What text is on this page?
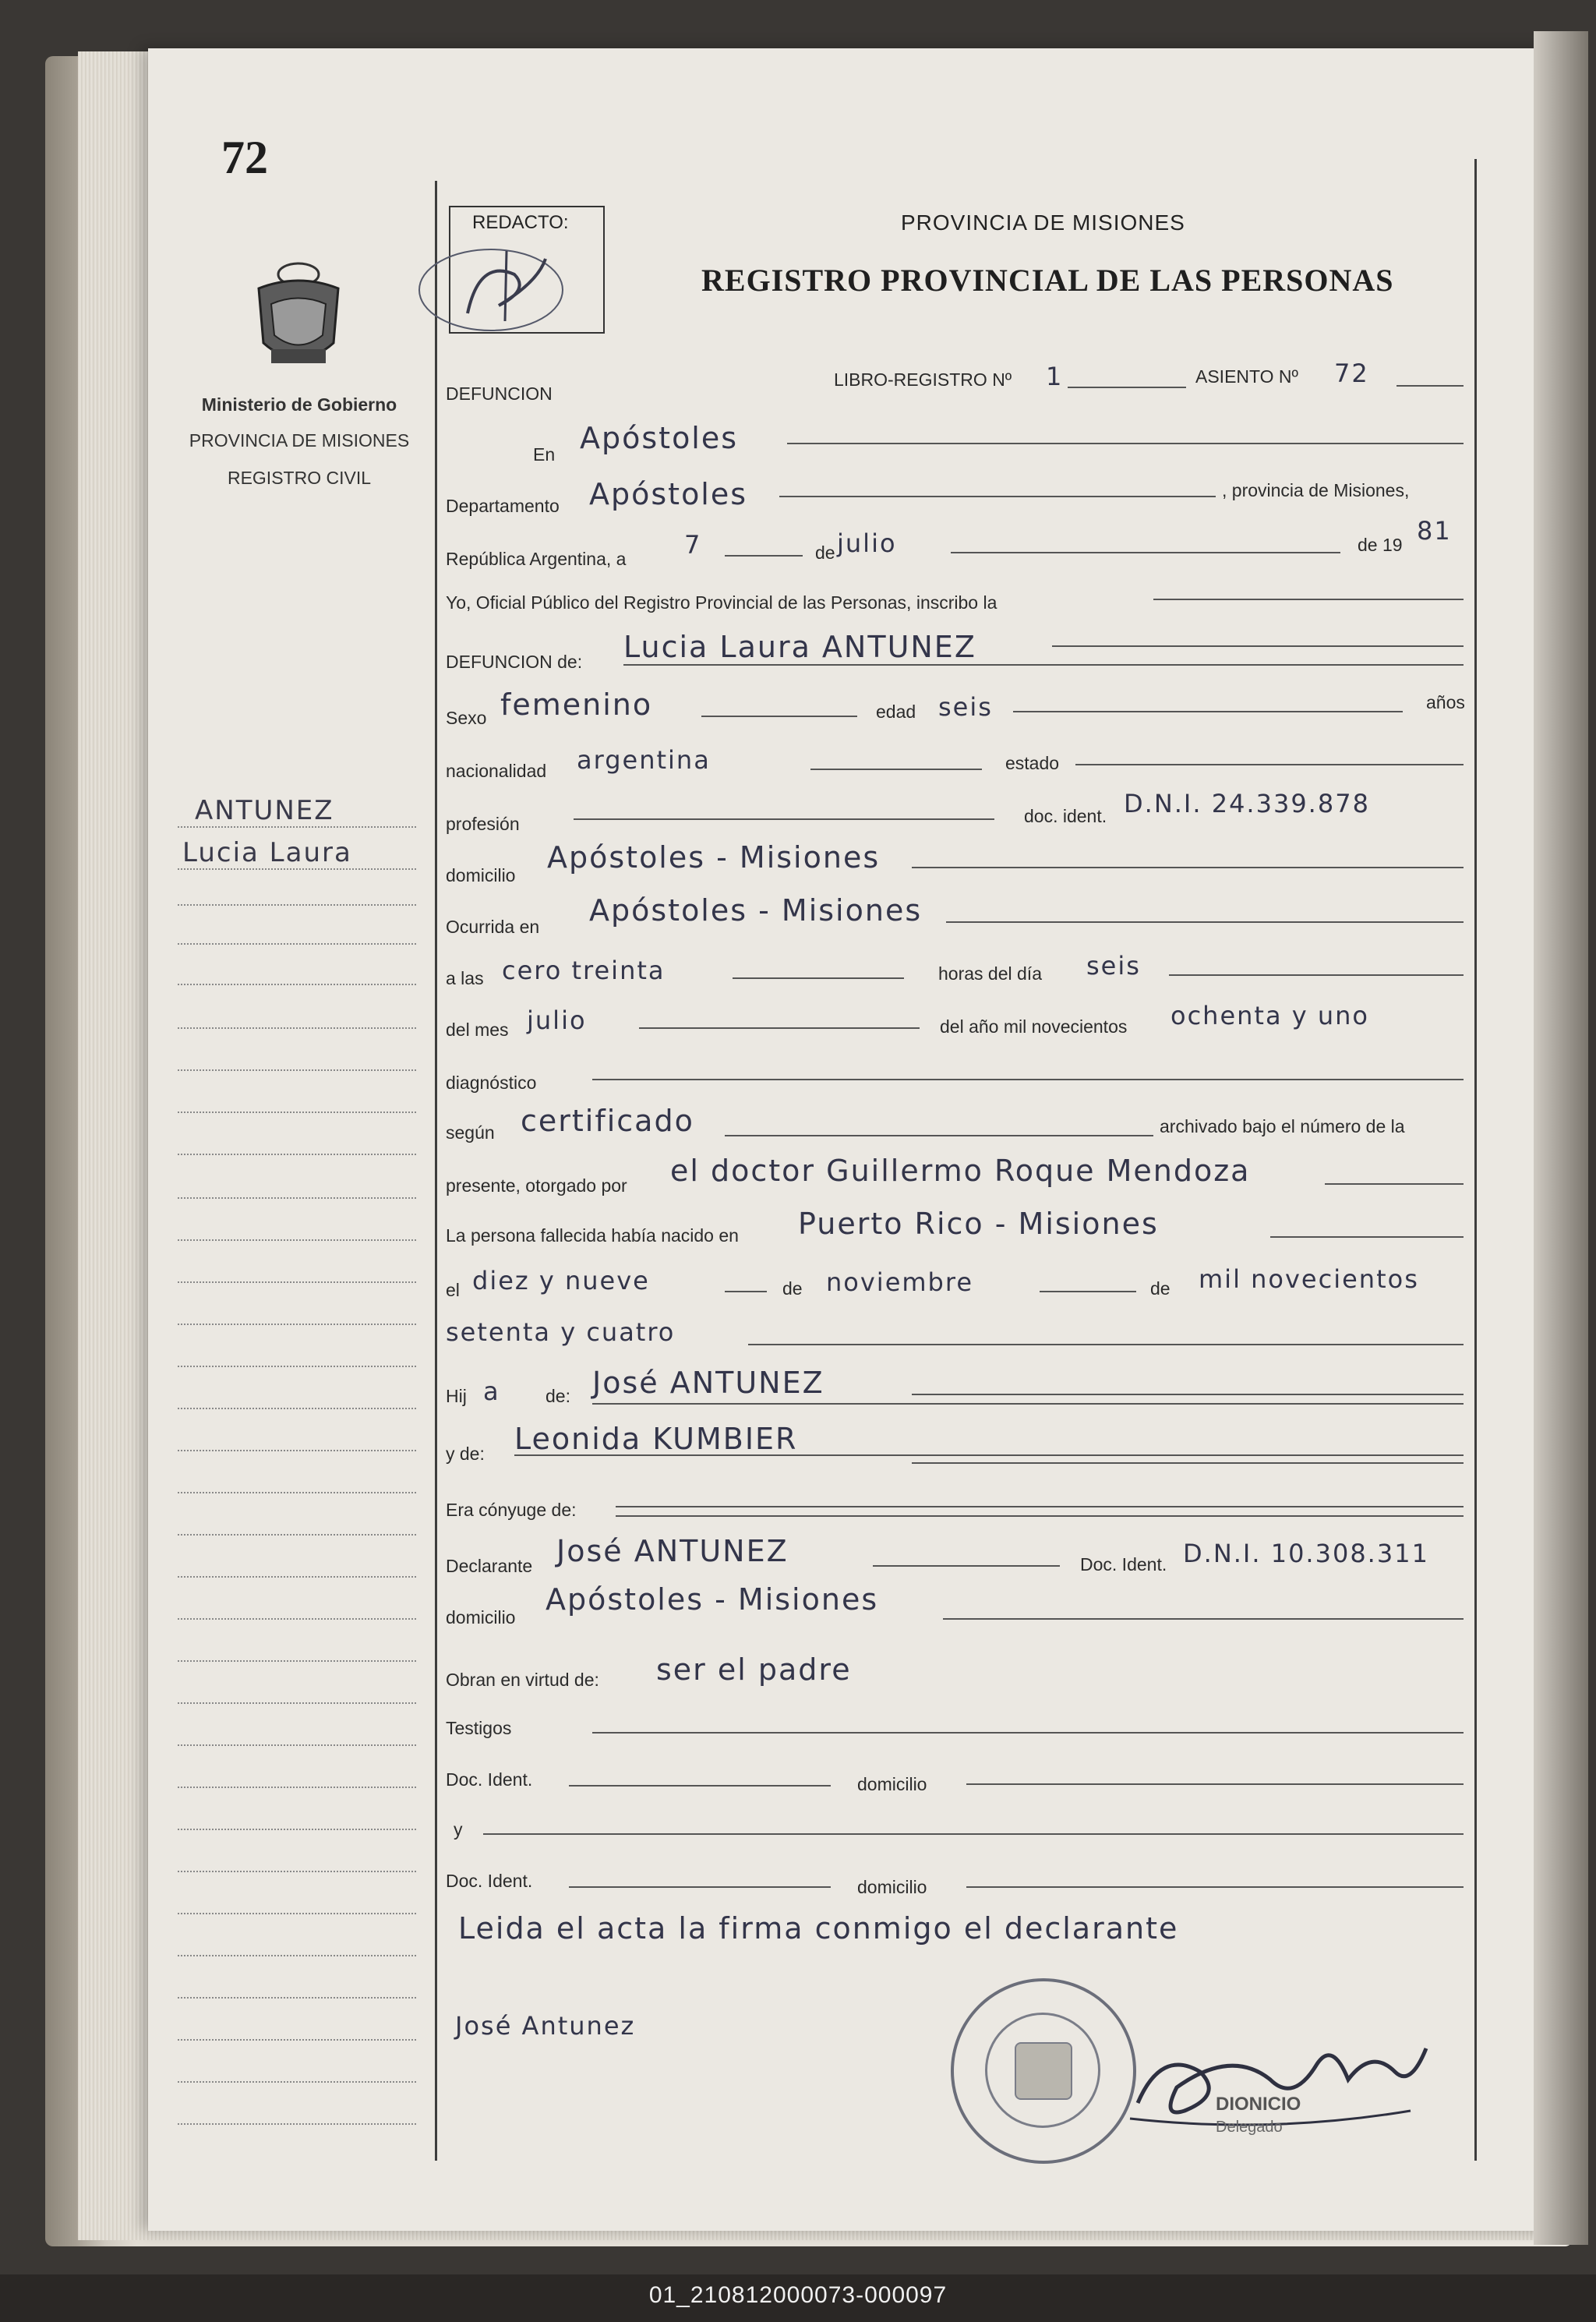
72
Ministerio de Gobierno
PROVINCIA DE MISIONES
REGISTRO CIVIL
ANTUNEZ
Lucia Laura
REDACTO:	PROVINCIA DE MISIONES
REGISTRO PROVINCIAL DE LAS PERSONAS
DEFUNCION
LIBRO-REGISTRO Nº 1	ASIENTO Nº 72
En Apóstoles
Departamento Apóstoles	, provincia de Misiones,
República Argentina, a 7	de julio	de 19 81
Yo, Oficial Público del Registro Provincial de las Personas, inscribo la
DEFUNCION de: Lucia Laura ANTUNEZ
Sexo femenino	edad seis	años
nacionalidad argentina	estado
profesión	doc. ident. D.N.I. 24.339.878
domicilio
Apóstoles - Misiones
Ocurrida en Apóstoles - Misiones
a las cero treinta	horas del día seis
del mes julio	del año mil novecientos ochenta y uno
diagnóstico
según certificado	archivado bajo el número de la
presente, otorgado por el doctor Guillermo Roque Mendoza
La persona fallecida había nacido en Puerto Rico - Misiones
el diez y nueve	de noviembre	de mil novecientos
setenta y cuatro
Hij a	de: José ANTUNEZ
y de: Leonida KUMBIER
Era cónyuge de:
Declarante José ANTUNEZ	Doc. Ident. D.N.I. 10.308.311
domicilio
Apóstoles - Misiones
Obran en virtud de: ser el padre
Testigos
Doc. Ident.	domicilio
y
Doc. Ident.	domicilio
Leida el acta la firma conmigo el declarante
José Antunez
DIONICIO
Delegado
01_210812000073-000097
